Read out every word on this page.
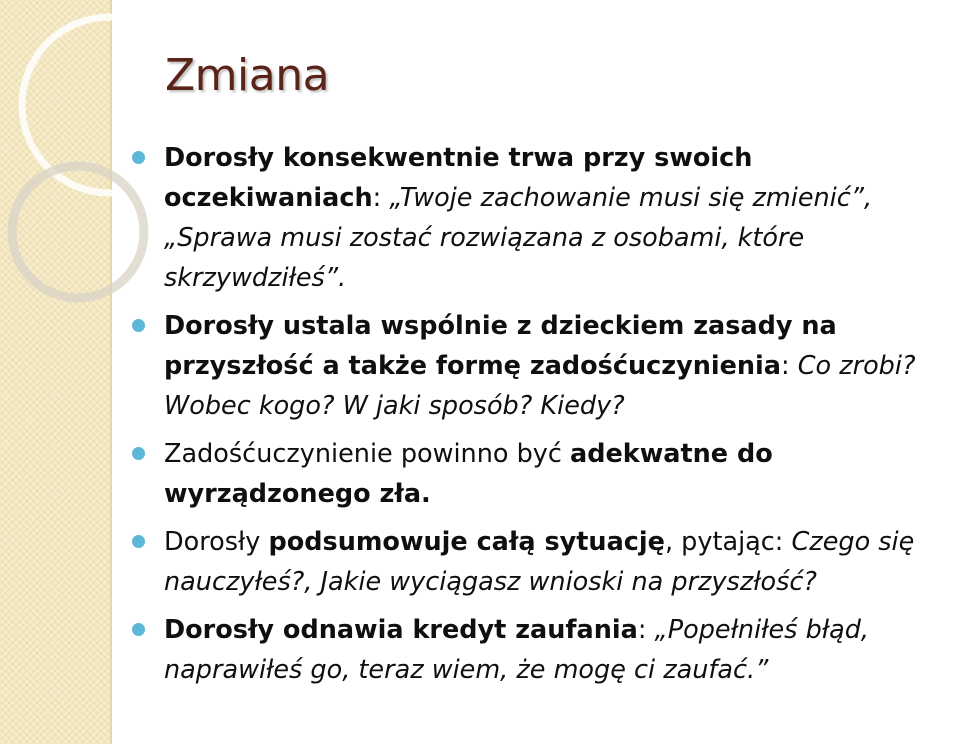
Zmiana
Dorosły konsekwentnie trwa przy swoich oczekiwaniach: „Twoje zachowanie musi się zmienić”, „Sprawa musi zostać rozwiązana z osobami, które skrzywdziłeś”.
Dorosły ustala wspólnie z dzieckiem zasady na przyszłość a także formę zadośćuczynienia: Co zrobi? Wobec kogo? W jaki sposób? Kiedy?
Zadośćuczynienie powinno być adekwatne do wyrządzonego zła.
Dorosły podsumowuje całą sytuację, pytając: Czego się nauczyłeś?, Jakie wyciągasz wnioski na przyszłość?
Dorosły odnawia kredyt zaufania: „Popełniłeś błąd, naprawiłeś go, teraz wiem, że mogę ci zaufać.”
